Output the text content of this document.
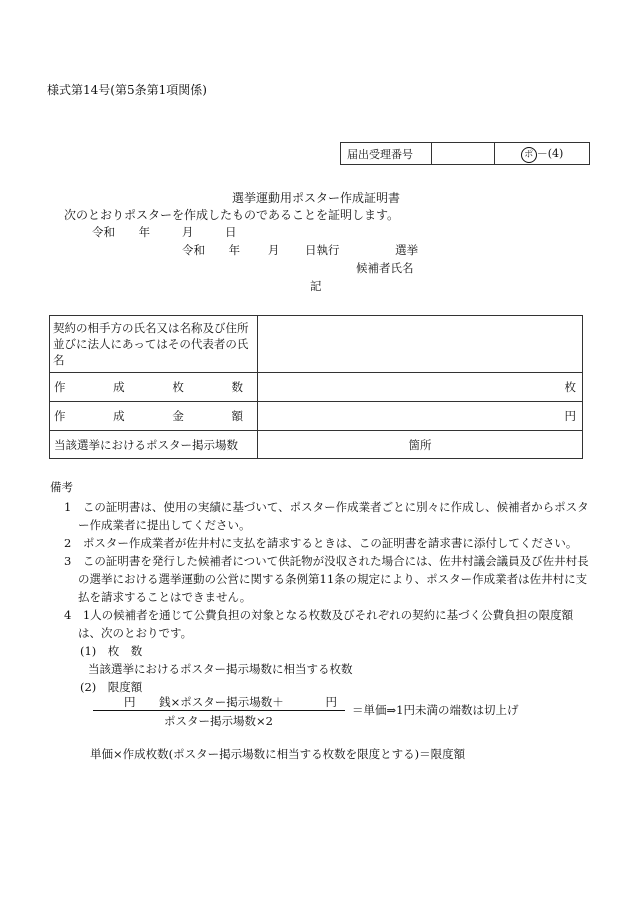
様式第14号(第5条第1項関係)
届出受理番号		ポ －(4)
選挙運動用ポスター作成証明書
次のとおりポスターを作成したものであることを証明します。
令和 年	月	日
令和 年 月 日執行	選挙
候補者氏名
記
契約の相手方の氏名又は名称及び住所並びに法人にあってはその代表者の氏名	

作 成 枚 数	枚

作 成 金 額	円
当該選挙におけるポスター掲示場数	箇所

備考

1　 この証明書は、使用の実績に基づいて、ポスター作成業者ごとに別々に作成し、候補者からポスター作成業者に提出してください。

2　 ポスター作成業者が佐井村に支払を請求するときは、この証明書を請求書に添付してください。

3　 この証明書を発行した候補者について供託物が没収された場合には、佐井村議会議員及び佐井村長の選挙における選挙運動の公営に関する条例第11条の規定により、ポスター作成業者は佐井村に支払を請求することはできません。

4　 1人の候補者を通じて公費負担の対象となる枚数及びそれぞれの契約に基づく公費負担の限度額は、次のとおりです。

(1)　枚　数

当該選挙におけるポスター掲示場数に相当する枚数

(2)　限度額

円 銭×ポスター掲示場数＋	円
ポスター掲示場数×2
＝単価⇒1円未満の端数は切上げ
単価×作成枚数(ポスター掲示場数に相当する枚数を限度とする)＝限度額
